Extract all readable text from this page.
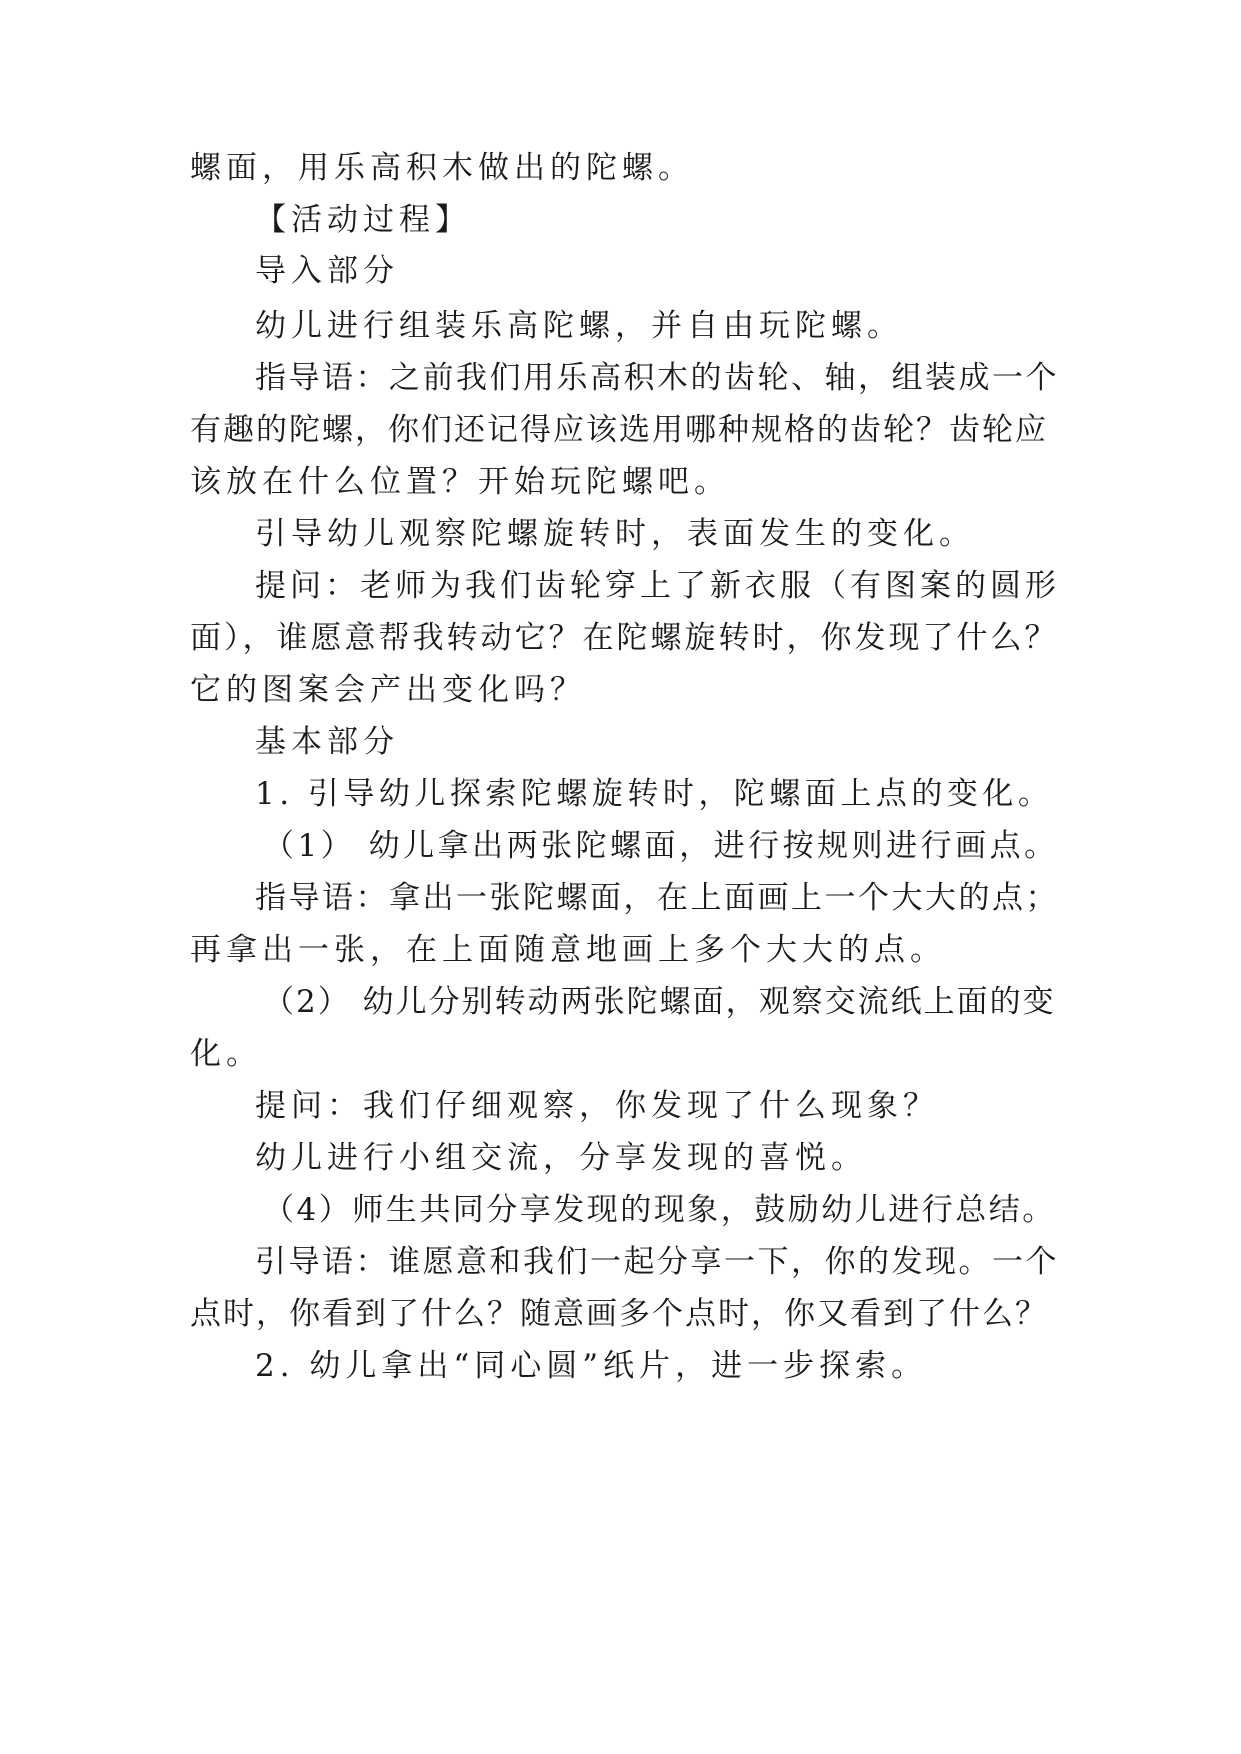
螺面，用乐高积木做出的陀螺。

【活动过程】

导入部分

幼儿进行组装乐高陀螺，并自由玩陀螺。

指导语：之前我们用乐高积木的齿轮、轴，组装成一个

有趣的陀螺，你们还记得应该选用哪种规格的齿轮？齿轮应

该放在什么位置？开始玩陀螺吧。

引导幼儿观察陀螺旋转时，表面发生的变化。

提问：老师为我们齿轮穿上了新衣服（有图案的圆形

面），谁愿意帮我转动它？在陀螺旋转时，你发现了什么？

它的图案会产出变化吗？

基本部分

1. 引导幼儿探索陀螺旋转时，陀螺面上点的变化。

（1） 幼儿拿出两张陀螺面，进行按规则进行画点。

指导语：拿出一张陀螺面，在上面画上一个大大的点；

再拿出一张，在上面随意地画上多个大大的点。

（2） 幼儿分别转动两张陀螺面，观察交流纸上面的变

化。

提问：我们仔细观察，你发现了什么现象？

幼儿进行小组交流，分享发现的喜悦。

（4）师生共同分享发现的现象，鼓励幼儿进行总结。

引导语：谁愿意和我们一起分享一下，你的发现。一个

点时，你看到了什么？随意画多个点时，你又看到了什么？

2. 幼儿拿出“同心圆”纸片，进一步探索。
